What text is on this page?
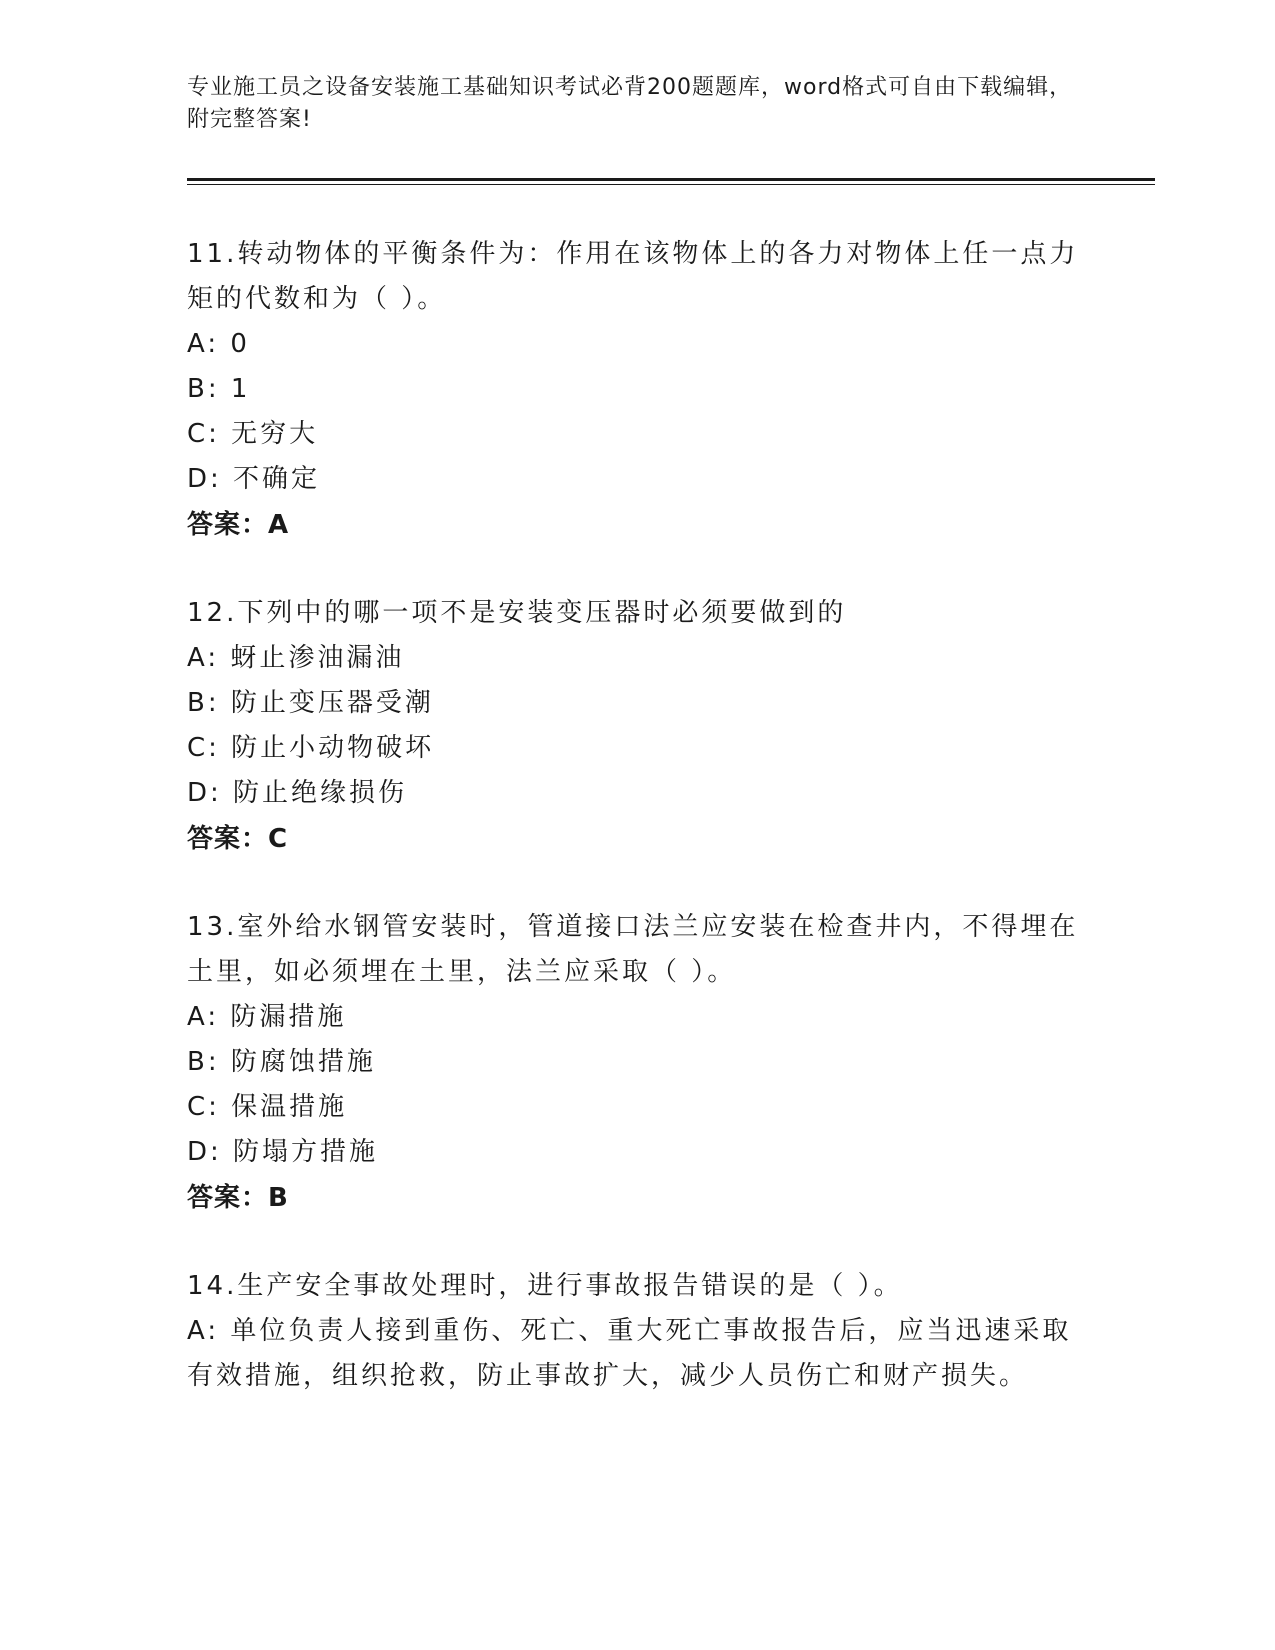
专业施工员之设备安装施工基础知识考试必背200题题库，word格式可自由下载编辑，附完整答案!
11.转动物体的平衡条件为：作用在该物体上的各力对物体上任一点力矩的代数和为（ ）。
A: 0
B: 1
C: 无穷大
D: 不确定
答案：A
12.下列中的哪一项不是安装变压器时必须要做到的
A: 蚜止渗油漏油
B: 防止变压器受潮
C: 防止小动物破坏
D: 防止绝缘损伤
答案：C
13.室外给水钢管安装时，管道接口法兰应安装在检查井内，不得埋在土里，如必须埋在土里，法兰应采取（ ）。
A: 防漏措施
B: 防腐蚀措施
C: 保温措施
D: 防塌方措施
答案：B
14.生产安全事故处理时，进行事故报告错误的是（ ）。
A: 单位负责人接到重伤、死亡、重大死亡事故报告后，应当迅速采取有效措施，组织抢救，防止事故扩大，减少人员伤亡和财产损失。
